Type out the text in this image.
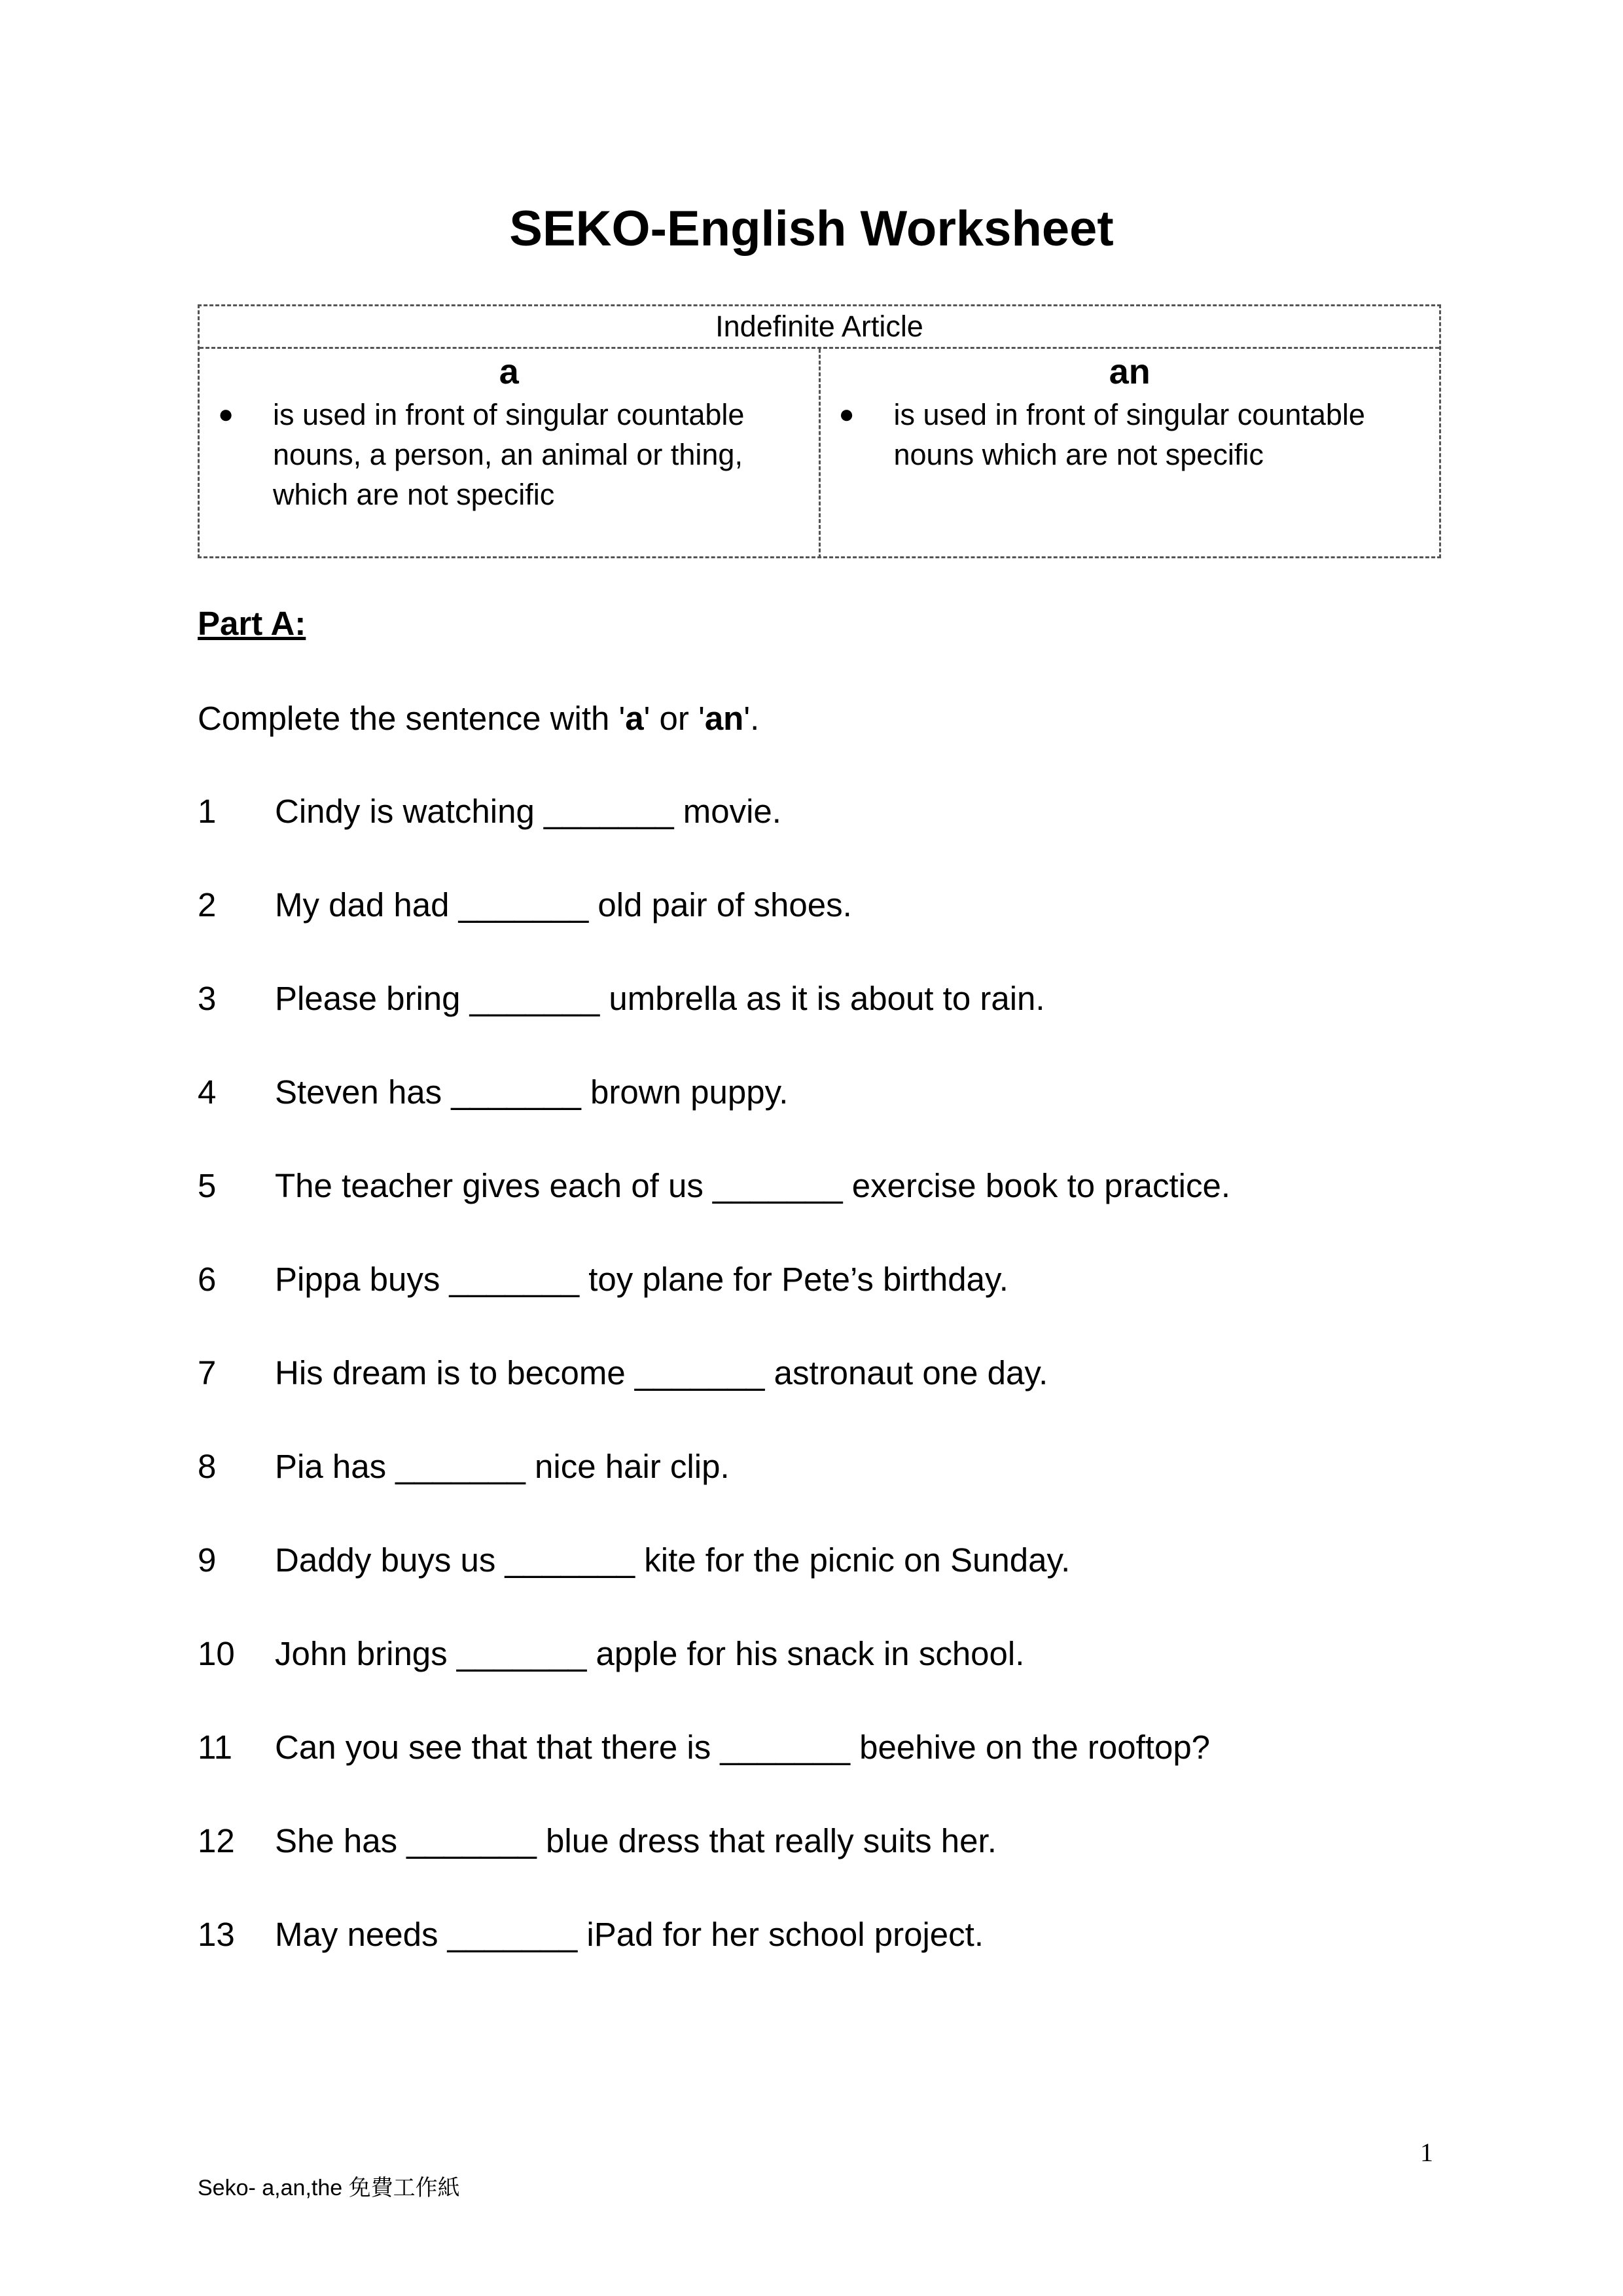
SEKO-English Worksheet
Indefinite Article
a
●	is used in front of singular countable nouns, a person, an animal or thing, which are not specific
an
●	is used in front of singular countable nouns which are not specific
Part A:
Complete the sentence with 'a' or 'an'.
1	Cindy is watching _______ movie.
2	My dad had _______ old pair of shoes.
3	Please bring _______ umbrella as it is about to rain.
4	Steven has _______ brown puppy.
5	The teacher gives each of us _______ exercise book to practice.
6	Pippa buys _______ toy plane for Pete’s birthday.
7	His dream is to become _______ astronaut one day.
8	Pia has _______ nice hair clip.
9	Daddy buys us _______ kite for the picnic on Sunday.
10	John brings _______ apple for his snack in school.
11	Can you see that that there is _______ beehive on the rooftop?
12	She has _______ blue dress that really suits her.
13	May needs _______ iPad for her school project.
1
Seko- a,an,the 免費工作紙
